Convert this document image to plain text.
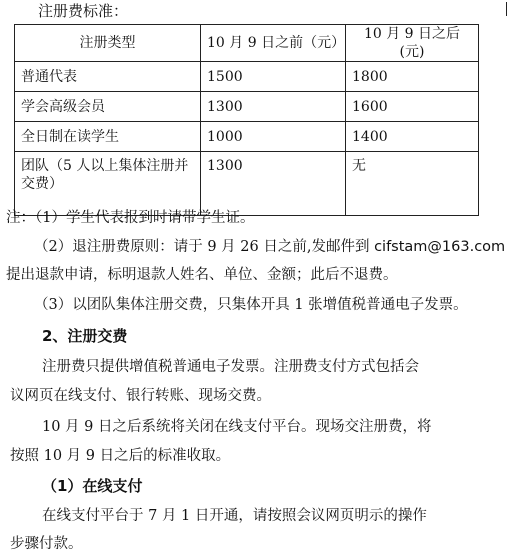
注册费标准：
注册类型	10 月 9 日之前（元）	10 月 9 日之后(元)
普通代表	1500	1800
学会高级会员	1300	1600
全日制在读学生	1000	1400
团队（5 人以上集体注册并交费）	1300	无
注：（1）学生代表报到时请带学生证。
（2）退注册费原则：请于 9 月 26 日之前,发邮件到 cifstam@163.com
提出退款申请，标明退款人姓名、单位、金额；此后不退费。
（3）以团队集体注册交费，只集体开具 1 张增值税普通电子发票。
2、注册交费
注册费只提供增值税普通电子发票。注册费支付方式包括会
议网页在线支付、银行转账、现场交费。
10 月 9 日之后系统将关闭在线支付平台。现场交注册费，将
按照 10 月 9 日之后的标准收取。
（1）在线支付
在线支付平台于 7 月 1 日开通，请按照会议网页明示的操作
步骤付款。
